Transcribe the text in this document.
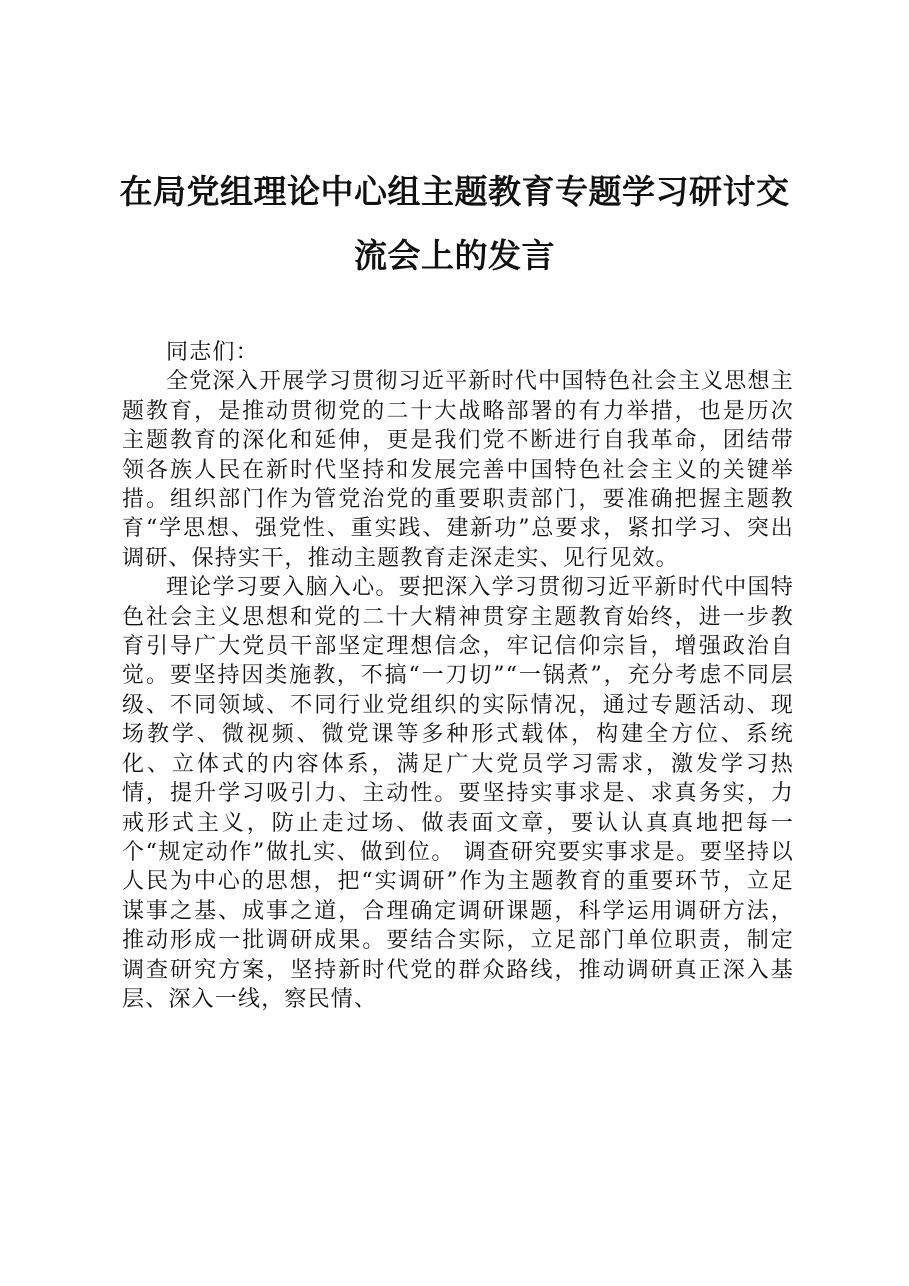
在局党组理论中心组主题教育专题学习研讨交
流会上的发言

同志们：

全党深入开展学习贯彻习近平新时代中国特色社会主义思想主题教育，是推动贯彻党的二十大战略部署的有力举措，也是历次主题教育的深化和延伸，更是我们党不断进行自我革命，团结带领各族人民在新时代坚持和发展完善中国特色社会主义的关键举措。组织部门作为管党治党的重要职责部门，要准确把握主题教育“学思想、强党性、重实践、建新功”总要求，紧扣学习、突出调研、保持实干，推动主题教育走深走实、见行见效。

理论学习要入脑入心。要把深入学习贯彻习近平新时代中国特色社会主义思想和党的二十大精神贯穿主题教育始终，进一步教育引导广大党员干部坚定理想信念，牢记信仰宗旨，增强政治自觉。要坚持因类施教，不搞“一刀切”“一锅煮”，充分考虑不同层级、不同领域、不同行业党组织的实际情况，通过专题活动、现场教学、微视频、微党课等多种形式载体，构建全方位、系统化、立体式的内容体系，满足广大党员学习需求，激发学习热情，提升学习吸引力、主动性。要坚持实事求是、求真务实，力戒形式主义，防止走过场、做表面文章，要认认真真地把每一个“规定动作”做扎实、做到位。 调查研究要实事求是。要坚持以人民为中心的思想，把“实调研”作为主题教育的重要环节，立足谋事之基、成事之道，合理确定调研课题，科学运用调研方法，推动形成一批调研成果。要结合实际，立足部门单位职责，制定调查研究方案，坚持新时代党的群众路线，推动调研真正深入基层、深入一线，察民情、
